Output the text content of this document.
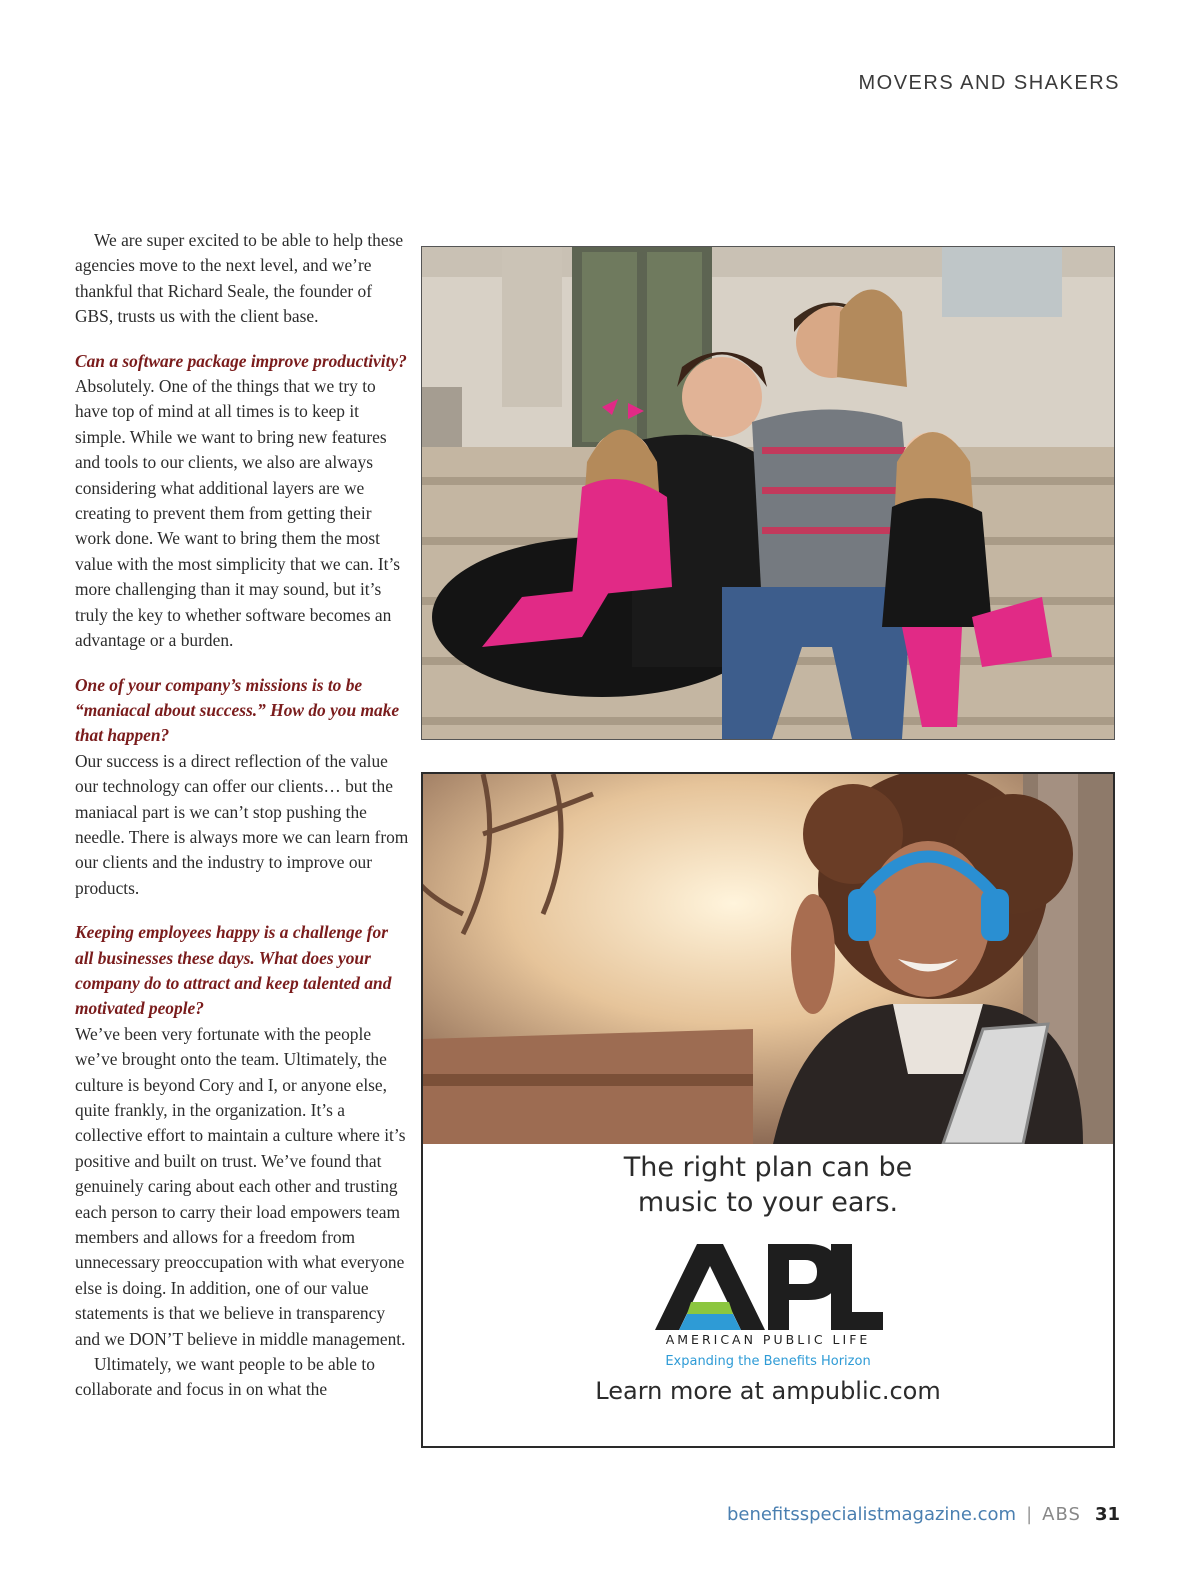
MOVERS AND SHAKERS

We are super excited to be able to help these agencies move to the next level, and we’re thankful that Richard Seale, the founder of GBS, trusts us with the client base.

Can a software package improve productivity?

Absolutely. One of the things that we try to have top of mind at all times is to keep it simple. While we want to bring new features and tools to our clients, we also are always considering what additional layers are we creating to prevent them from getting their work done. We want to bring them the most value with the most simplicity that we can. It’s more challenging than it may sound, but it’s truly the key to whether software becomes an advantage or a burden.

One of your company’s missions is to be “maniacal about success.” How do you make that happen?

Our success is a direct reflection of the value our technology can offer our clients… but the maniacal part is we can’t stop pushing the needle. There is always more we can learn from our clients and the industry to improve our products.

Keeping employees happy is a challenge for all businesses these days. What does your company do to attract and keep talented and motivated people?

We’ve been very fortunate with the people we’ve brought onto the team. Ultimately, the culture is beyond Cory and I, or anyone else, quite frankly, in the organization. It’s a collective effort to maintain a culture where it’s positive and built on trust. We’ve found that genuinely caring about each other and trusting each person to carry their load empowers team members and allows for a freedom from unnecessary preoccupation with what everyone else is doing. In addition, one of our value statements is that we believe in transparency and we DON’T believe in middle management.

Ultimately, we want people to be able to collaborate and focus in on what the

The right plan can be
music to your ears.
AMERICAN PUBLIC LIFE
Expanding the Benefits Horizon
Learn more at ampublic.com
benefitsspecialistmagazine.com | ABS 31
